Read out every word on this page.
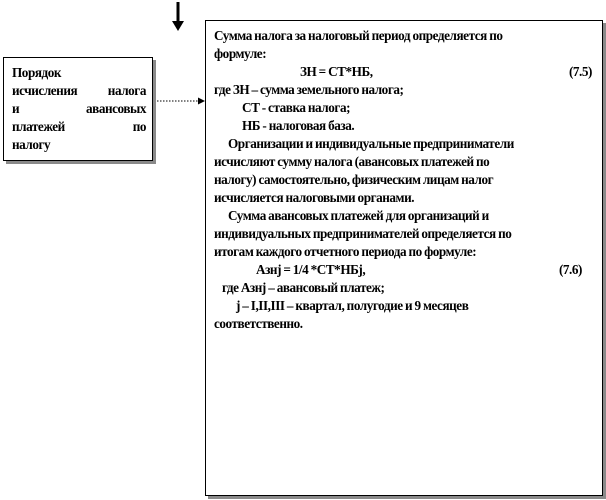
Порядок
исчисления налога
и авансовых
платежей по
налогу
Сумма налога за налоговый период определяется по
формуле:
ЗН = СТ*НБ,	(7.5)
где ЗН – сумма земельного налога;
СТ - ставка налога;
НБ - налоговая база.
Организации и индивидуальные предприниматели
исчисляют сумму налога (авансовых платежей по
налогу) самостоятельно, физическим лицам налог
исчисляется налоговыми органами.
Сумма авансовых платежей для организаций и
индивидуальных предпринимателей определяется по
итогам каждого отчетного периода по формуле:
Азнj = 1/4 *СТ*НБj,	(7.6)
где Азнj – авансовый платеж;
j – I,II,III – квартал, полугодие и 9 месяцев
соответственно.
